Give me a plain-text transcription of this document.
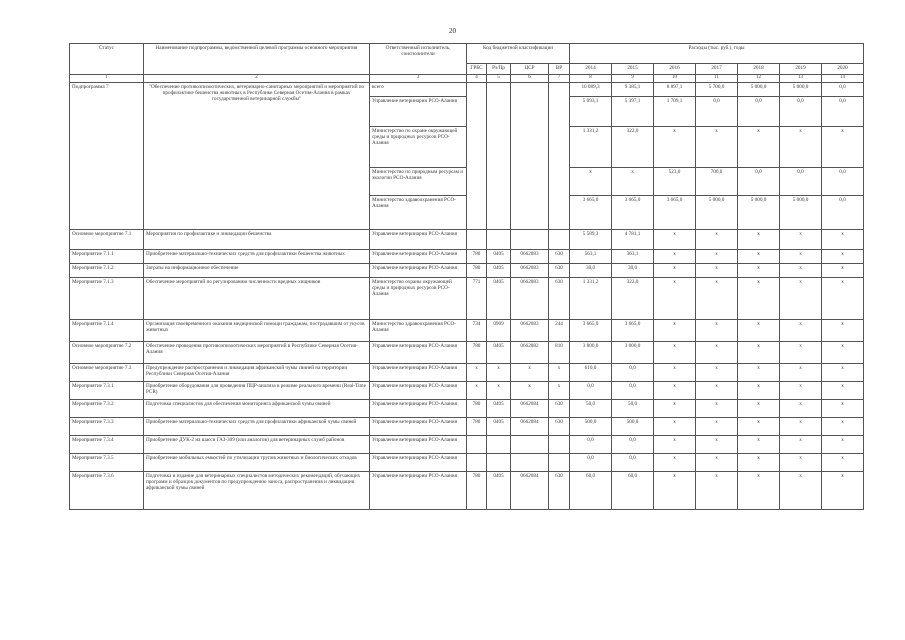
20
Статус	Наименование подпрограммы, ведомственной целевой программы основного мероприятия	Ответственный исполнитель, соисполнители	Код бюджетной классификации				Расходы (тыс. руб.), годы						
			ГРБС	Рз/Пр	ЦСР	ВР	2014	2015	2016	2017	2018	2019	2020
1	2	3	4	5	6	7	8	9	10	11	12	13	14
Подпрограмма 7	"Обеспечение противоэпизоотических, ветеринарно-санитарных мероприятий и мероприятий по профилактике бешенства животных в Республике Северная Осетия-Алания в рамках государственной ветеринарной службы"	всего					10 089,3	9 385,1	8 897,1	5 700,0	5 000,0	5 000,0	0,0
		Управление ветеринарии РСО-Алания					5 093,1	5 397,1	1 709,1	0,0	0,0	0,0	0,0
		Министерство по охране окружающей среды и природных ресурсов РСО-Алания					1 331,2	322,0	х	х	х	х	х
		Министерство по природным ресурсам и экологии РСО-Алания					х	х	523,0	700,0	0,0	0,0	0,0
		Министерство здравоохранения РСО-Алания					3 665,0	3 665,0	3 665,0	5 000,0	5 000,0	5 000,0	0,0
Основное мероприятие 7.1	Мероприятия по профилактике и ликвидации бешенства	Управление ветеринарии РСО-Алания					5 589,3	4 781,1	х	х	х	х	х
Мероприятие 7.1.1	Приобретение материально-технических средств для профилактики бешенства животных	Управление ветеринарии РСО-Алания	780	0405	0662083	630	563,1	363,1	х	х	х	х	х
Мероприятие 7.1.2	Затраты на информационное обеспечение	Управление ветеринарии РСО-Алания	780	0405	0662083	630	30,0	30,0	х	х	х	х	х
Мероприятие 7.1.3	Обеспечение мероприятий по регулированию численности вредных хищников	Министерство охраны окружающей среды и природных ресурсов РСО-Алания	771	0405	0662083	630	1 331,2	322,0	х	х	х	х	х
Мероприятие 7.1.4	Организация своевременного оказания медицинской помощи гражданам, пострадавшим от укусов животных	Министерство здравоохранения РСО-Алания	734	0909	0662083	244	3 665,0	3 665,0	х	х	х	х	х
Основное мероприятие 7.2	Обеспечение проведения противоэпизоотических мероприятий в Республике Северная Осетия-Алания	Управление ветеринарии РСО-Алания	780	0405	0662082	810	3 800,0	3 000,0	х	х	х	х	х
Основное мероприятие 7.3	Предупреждение распространения и ликвидация африканской чумы свиней на территории Республики Северная Осетия-Алания	Управление ветеринарии РСО-Алания	х	х	х	х	610,0	0,0	х	х	х	х	х
Мероприятие 7.3.1	Приобретение оборудования для проведения ПЦР-анализа в режиме реального времени (Real-Time PCR)	Управление ветеринарии РСО-Алания	х	х	х	х	0,0	0,0	х	х	х	х	х
Мероприятие 7.3.2	Подготовка специалистов для обеспечения мониторинга африканской чумы свиней	Управление ветеринарии РСО-Алания	780	0405	0662084	630	50,0	50,0	х	х	х	х	х
Мероприятие 7.3.3	Приобретение материально-технических средств для профилактики африканской чумы свиней	Управление ветеринарии РСО-Алания	780	0405	0662084	630	500,0	500,0	х	х	х	х	х
Мероприятие 7.3.4	Приобретение ДУК-2 на шасси ГАЗ-309 (или аналогов) для ветеринарных служб районов	Управление ветеринарии РСО-Алания					0,0	0,0	х	х	х	х	х
Мероприятие 7.3.5	Приобретение мобильных емкостей по утилизации трупов животных и биологических отходов	Управление ветеринарии РСО-Алания					0,0	0,0	х	х	х	х	х
Мероприятие 7.3.6	Подготовка и издание для ветеринарных специалистов методических рекомендаций, обучающих программ и образцов документов по предупреждению заноса, распространения и ликвидации африканской чумы свиней	Управление ветеринарии РСО-Алания	780	0405	0662084	630	60,0	60,0	х	х	х	х	х
